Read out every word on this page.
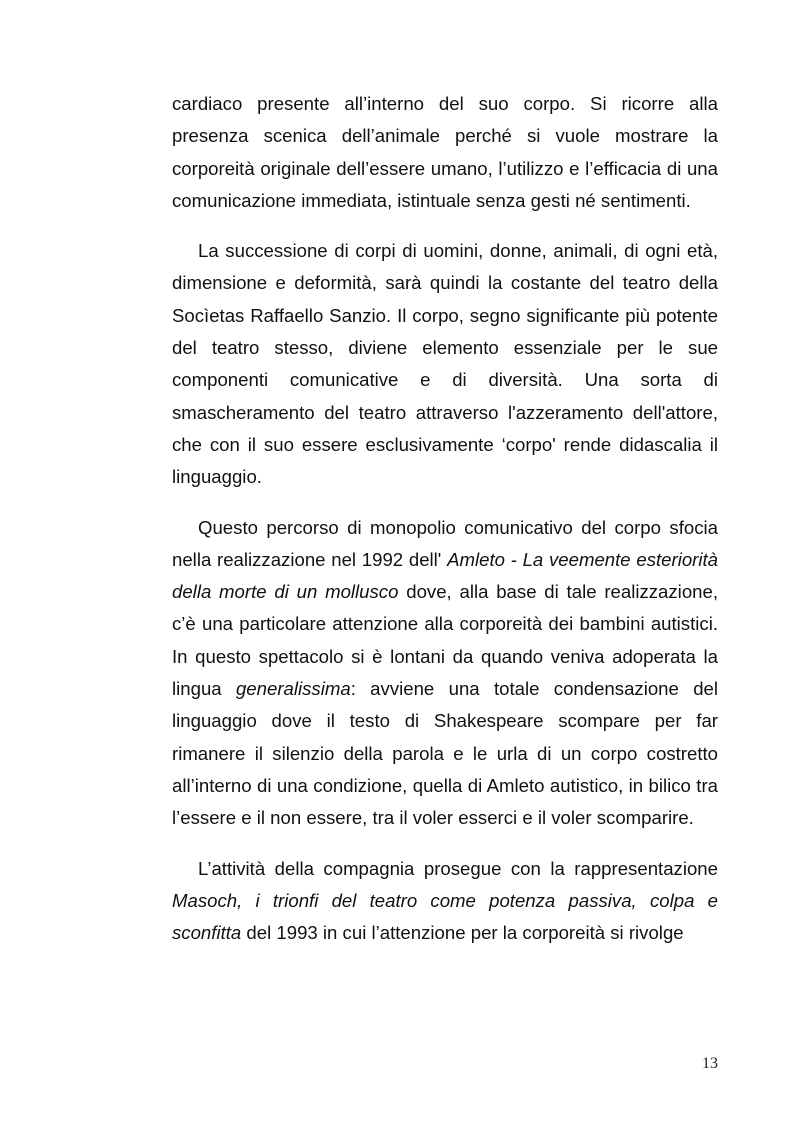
cardiaco presente all’interno del suo corpo. Si ricorre alla presenza scenica dell’animale perché si vuole mostrare la corporeità originale dell’essere umano, l’utilizzo e l’efficacia di una comunicazione immediata, istintuale senza gesti né sentimenti.

La successione di corpi di uomini, donne, animali, di ogni età, dimensione e deformità, sarà quindi la costante del teatro della Socìetas Raffaello Sanzio. Il corpo, segno significante più potente del teatro stesso, diviene elemento essenziale per le sue componenti comunicative e di diversità. Una sorta di smascheramento del teatro attraverso l'azzeramento dell'attore, che con il suo essere esclusivamente ‘corpo' rende didascalia il linguaggio.

Questo percorso di monopolio comunicativo del corpo sfocia nella realizzazione nel 1992 dell' Amleto - La veemente esteriorità della morte di un mollusco dove, alla base di tale realizzazione, c’è una particolare attenzione alla corporeità dei bambini autistici. In questo spettacolo si è lontani da quando veniva adoperata la lingua generalissima: avviene una totale condensazione del linguaggio dove il testo di Shakespeare scompare per far rimanere il silenzio della parola e le urla di un corpo costretto all’interno di una condizione, quella di Amleto autistico, in bilico tra l’essere e il non essere, tra il voler esserci e il voler scomparire.

L’attività della compagnia prosegue con la rappresentazione Masoch, i trionfi del teatro come potenza passiva, colpa e sconfitta del 1993 in cui l’attenzione per la corporeità si rivolge

13
